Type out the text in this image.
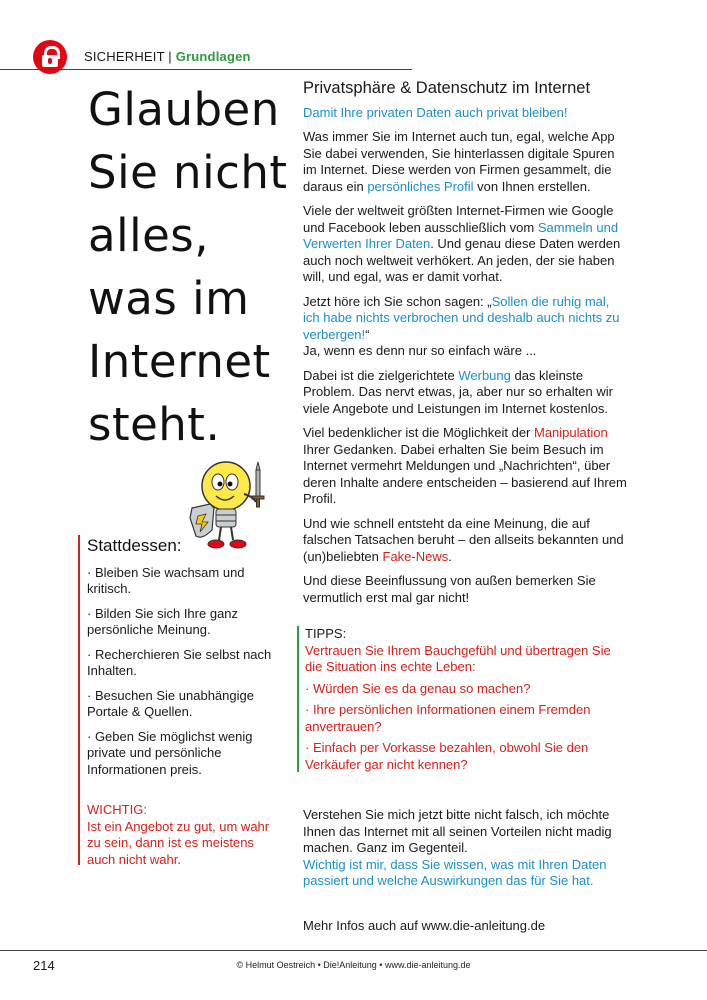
SICHERHEIT | Grundlagen
Glauben
Sie nicht
alles,
was im
Internet
steht.
Stattdessen:
· Bleiben Sie wachsam und kritisch.
· Bilden Sie sich Ihre ganz persönliche Meinung.
· Recherchieren Sie selbst nach Inhalten.
· Besuchen Sie unabhängige Portale & Quellen.
· Geben Sie möglichst wenig private und persönliche Informationen preis.
WICHTIG:
Ist ein Angebot zu gut, um wahr zu sein, dann ist es meistens auch nicht wahr.
Privatsphäre & Datenschutz im Internet
Damit Ihre privaten Daten auch privat bleiben!

Was immer Sie im Internet auch tun, egal, welche App Sie dabei verwenden, Sie hinterlassen digitale Spuren im Internet. Diese werden von Firmen gesammelt, die daraus ein persönliches Profil von Ihnen erstellen.

Viele der weltweit größten Internet-Firmen wie Google und Facebook leben ausschließlich vom Sammeln und Verwerten Ihrer Daten. Und genau diese Daten werden auch noch weltweit verhökert. An jeden, der sie haben will, und egal, was er damit vorhat.

Jetzt höre ich Sie schon sagen: „Sollen die ruhig mal, ich habe nichts verbrochen und deshalb auch nichts zu verbergen!“
Ja, wenn es denn nur so einfach wäre ...

Dabei ist die zielgerichtete Werbung das kleinste Problem. Das nervt etwas, ja, aber nur so erhalten wir viele Angebote und Leistungen im Internet kostenlos.

Viel bedenklicher ist die Möglichkeit der Manipulation Ihrer Gedanken. Dabei erhalten Sie beim Besuch im Internet vermehrt Meldungen und „Nachrichten“, über deren Inhalte andere entscheiden – basierend auf Ihrem Profil.

Und wie schnell entsteht da eine Meinung, die auf falschen Tatsachen beruht – den allseits bekannten und (un)beliebten Fake-News.

Und diese Beeinflussung von außen bemerken Sie vermutlich erst mal gar nicht!

TIPPS:
Vertrauen Sie Ihrem Bauchgefühl und übertragen Sie die Situation ins echte Leben:
· Würden Sie es da genau so machen?
· Ihre persönlichen Informationen einem Fremden anvertrauen?
· Einfach per Vorkasse bezahlen, obwohl Sie den Verkäufer gar nicht kennen?

Verstehen Sie mich jetzt bitte nicht falsch, ich möchte Ihnen das Internet mit all seinen Vorteilen nicht madig machen. Ganz im Gegenteil.

Wichtig ist mir, dass Sie wissen, was mit Ihren Daten passiert und welche Auswirkungen das für Sie hat.

Mehr Infos auch auf www.die-anleitung.de
214	© Helmut Oestreich • Die!Anleitung • www.die-anleitung.de
